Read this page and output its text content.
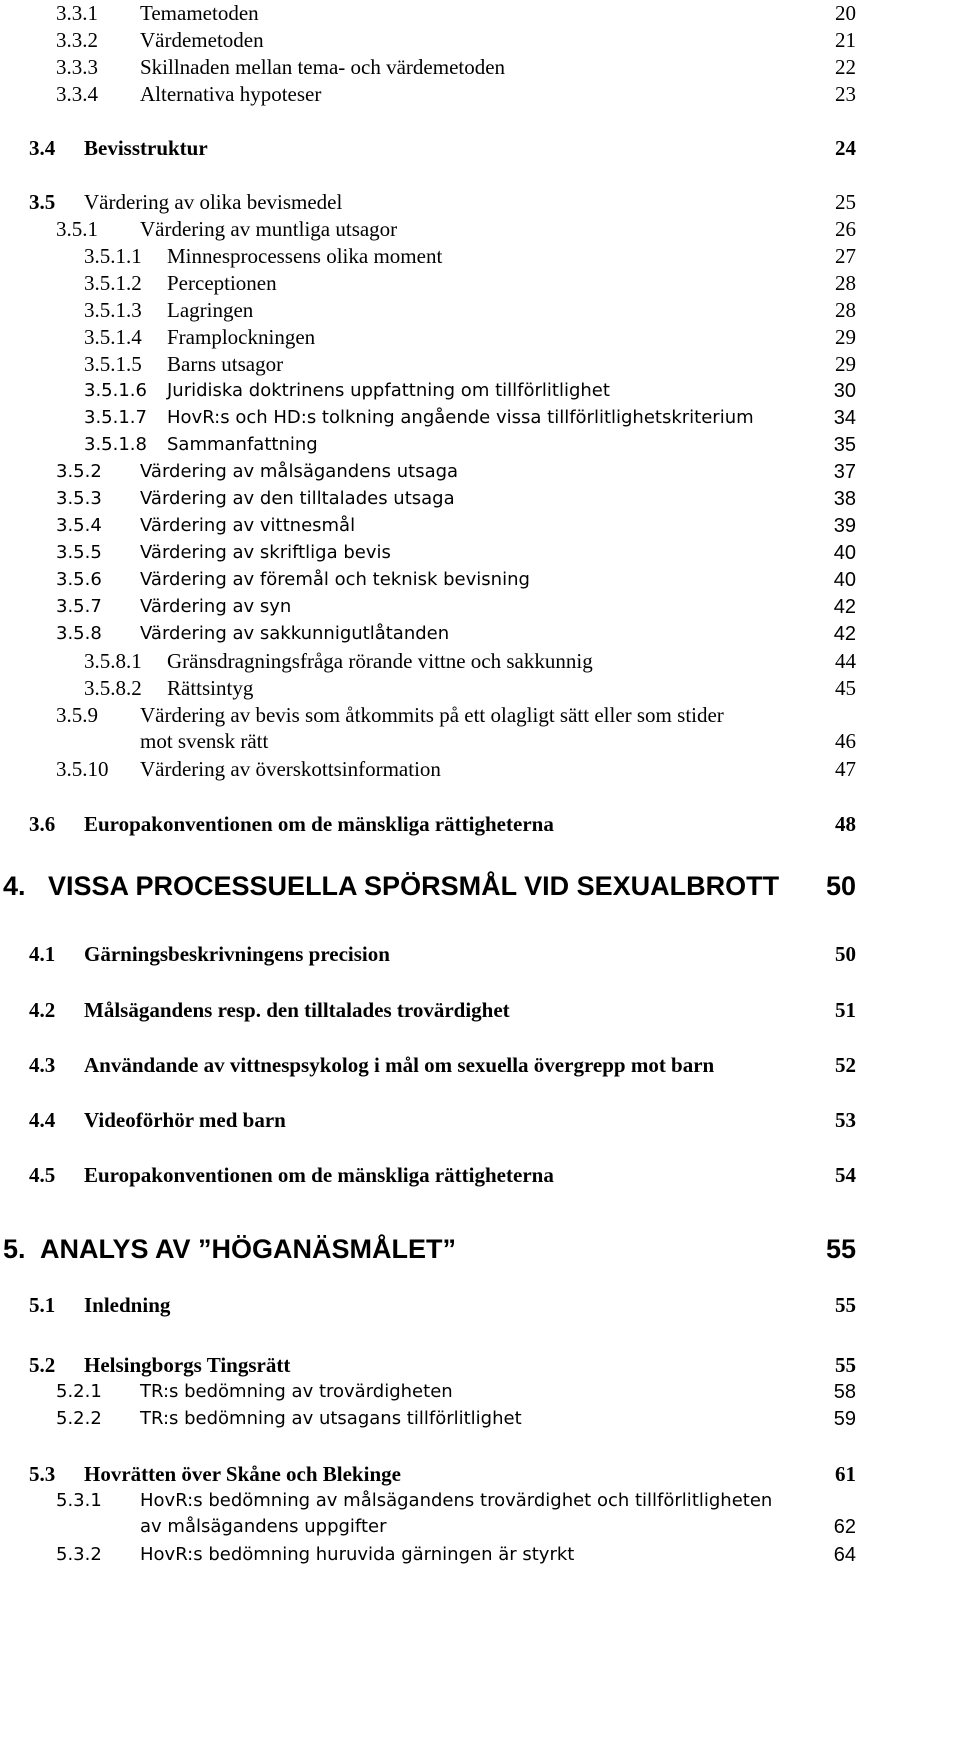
3.3.1 Temametoden	20
3.3.2 Värdemetoden	21
3.3.3 Skillnaden mellan tema- och värdemetoden	22
3.3.4 Alternativa hypoteser	23
3.4 Bevisstruktur	24
3.5 Värdering av olika bevismedel	25
3.5.1 Värdering av muntliga utsagor	26
3.5.1.1 Minnesprocessens olika moment	27
3.5.1.2 Perceptionen	28
3.5.1.3 Lagringen	28
3.5.1.4 Framplockningen	29
3.5.1.5 Barns utsagor	29
3.5.1.6 Juridiska doktrinens uppfattning om tillförlitlighet	30
3.5.1.7 HovR:s och HD:s tolkning angående vissa tillförlitlighetskriterium	34
3.5.1.8 Sammanfattning	35
3.5.2 Värdering av målsägandens utsaga	37
3.5.3 Värdering av den tilltalades utsaga	38
3.5.4 Värdering av vittnesmål	39
3.5.5 Värdering av skriftliga bevis	40
3.5.6 Värdering av föremål och teknisk bevisning	40
3.5.7 Värdering av syn	42
3.5.8 Värdering av sakkunnigutlåtanden	42
3.5.8.1 Gränsdragningsfråga rörande vittne och sakkunnig	44
3.5.8.2 Rättsintyg	45
3.5.9 Värdering av bevis som åtkommits på ett olagligt sätt eller som stider
mot svensk rätt	46
3.5.10 Värdering av överskottsinformation	47
3.6 Europakonventionen om de mänskliga rättigheterna	48
4. VISSA PROCESSUELLA SPÖRSMÅL VID SEXUALBROTT 50
4.1 Gärningsbeskrivningens precision	50
4.2 Målsägandens resp. den tilltalades trovärdighet	51
4.3 Användande av vittnespsykolog i mål om sexuella övergrepp mot barn	52
4.4 Videoförhör med barn	53
4.5 Europakonventionen om de mänskliga rättigheterna	54
5. ANALYS AV ”HÖGANÄSMÅLET”	55
5.1 Inledning	55
5.2 Helsingborgs Tingsrätt	55
5.2.1 TR:s bedömning av trovärdigheten	58
5.2.2 TR:s bedömning av utsagans tillförlitlighet	59
5.3 Hovrätten över Skåne och Blekinge	61
5.3.1 HovR:s bedömning av målsägandens trovärdighet och tillförlitligheten
av målsägandens uppgifter	62
5.3.2 HovR:s bedömning huruvida gärningen är styrkt	64
